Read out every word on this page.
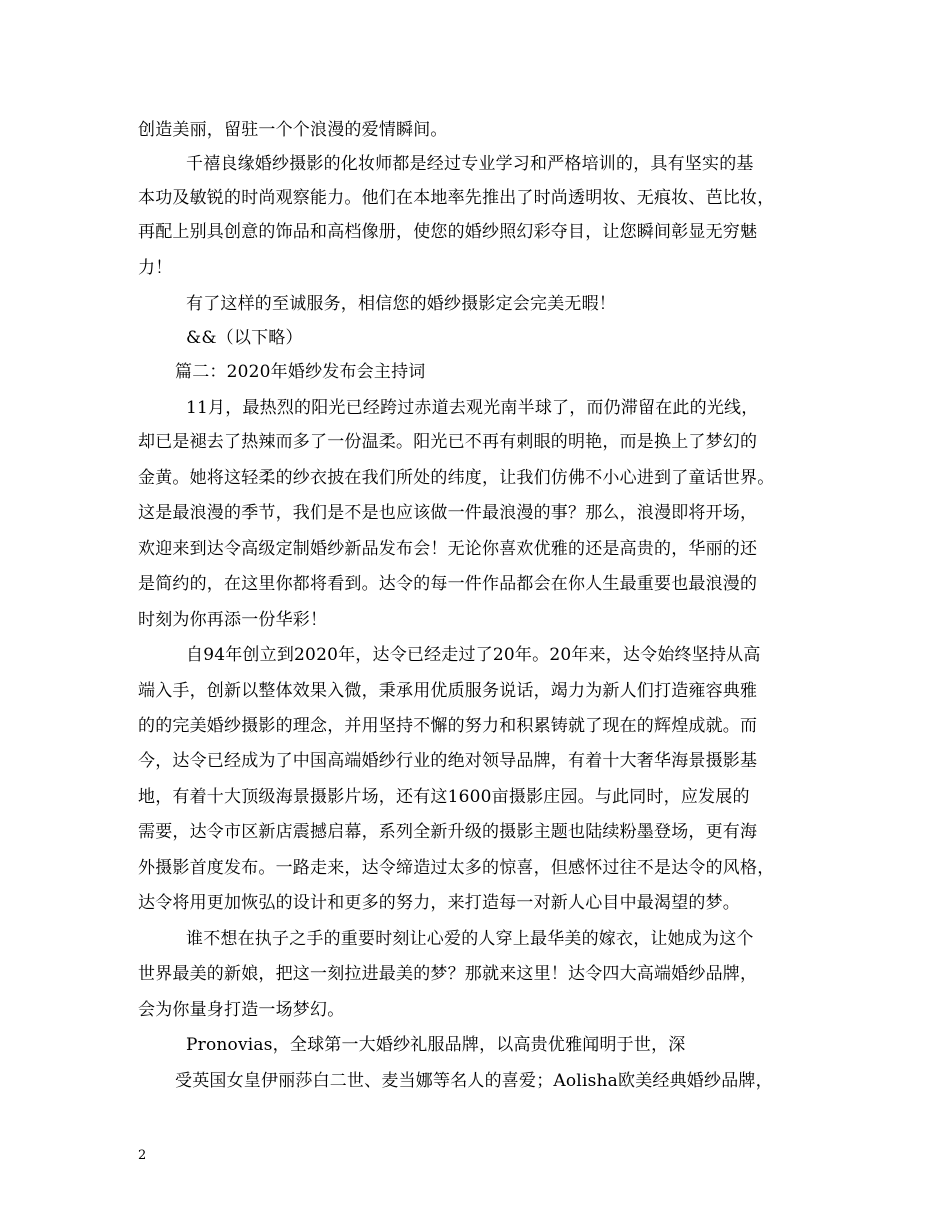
创造美丽，留驻一个个浪漫的爱情瞬间。
千禧良缘婚纱摄影的化妆师都是经过专业学习和严格培训的，具有坚实的基
本功及敏锐的时尚观察能力。他们在本地率先推出了时尚透明妆、无痕妆、芭比妆，
再配上别具创意的饰品和高档像册，使您的婚纱照幻彩夺目，让您瞬间彰显无穷魅
力！
有了这样的至诚服务，相信您的婚纱摄影定会完美无暇！
&&（以下略）
篇二：2020年婚纱发布会主持词
11月，最热烈的阳光已经跨过赤道去观光南半球了，而仍滞留在此的光线，
却已是褪去了热辣而多了一份温柔。阳光已不再有刺眼的明艳，而是换上了梦幻的
金黄。她将这轻柔的纱衣披在我们所处的纬度，让我们仿佛不小心进到了童话世界。
这是最浪漫的季节，我们是不是也应该做一件最浪漫的事？那么，浪漫即将开场，
欢迎来到达令高级定制婚纱新品发布会！无论你喜欢优雅的还是高贵的，华丽的还
是简约的，在这里你都将看到。达令的每一件作品都会在你人生最重要也最浪漫的
时刻为你再添一份华彩！
自94年创立到2020年，达令已经走过了20年。20年来，达令始终坚持从高
端入手，创新以整体效果入微，秉承用优质服务说话，竭力为新人们打造雍容典雅
的的完美婚纱摄影的理念，并用坚持不懈的努力和积累铸就了现在的辉煌成就。而
今，达令已经成为了中国高端婚纱行业的绝对领导品牌，有着十大奢华海景摄影基
地，有着十大顶级海景摄影片场，还有这1600亩摄影庄园。与此同时，应发展的
需要，达令市区新店震撼启幕，系列全新升级的摄影主题也陆续粉墨登场，更有海
外摄影首度发布。一路走来，达令缔造过太多的惊喜，但感怀过往不是达令的风格，
达令将用更加恢弘的设计和更多的努力，来打造每一对新人心目中最渴望的梦。
谁不想在执子之手的重要时刻让心爱的人穿上最华美的嫁衣，让她成为这个
世界最美的新娘，把这一刻拉进最美的梦？那就来这里！达令四大高端婚纱品牌，
会为你量身打造一场梦幻。
Pronovias，全球第一大婚纱礼服品牌，以高贵优雅闻明于世，深
受英国女皇伊丽莎白二世、麦当娜等名人的喜爱；Aolisha欧美经典婚纱品牌，
2
